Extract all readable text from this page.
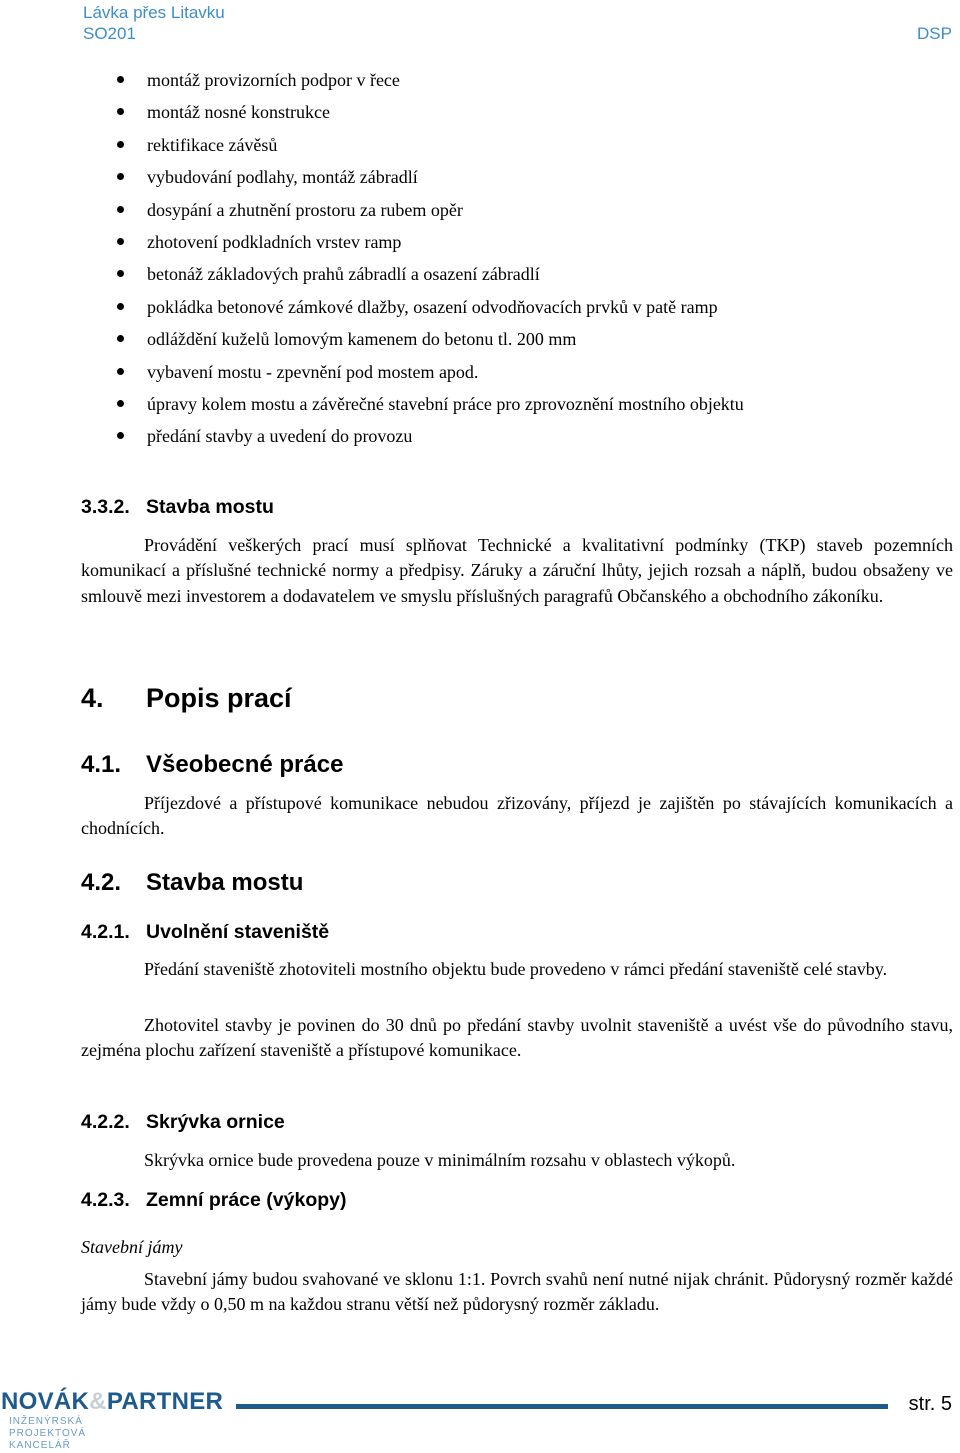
Lávka přes Litavku
SO201	DSP
montáž provizorních podpor v řece
montáž nosné konstrukce
rektifikace závěsů
vybudování podlahy, montáž zábradlí
dosypání a zhutnění prostoru za rubem opěr
zhotovení podkladních vrstev ramp
betonáž základových prahů zábradlí a osazení zábradlí
pokládka betonové zámkové dlažby, osazení odvodňovacích prvků v patě ramp
odláždění kuželů lomovým kamenem do betonu tl. 200 mm
vybavení mostu - zpevnění pod mostem apod.
úpravy kolem mostu a závěrečné stavební práce pro zprovoznění mostního objektu
předání stavby a uvedení do provozu
3.3.2. Stavba mostu
Provádění veškerých prací musí splňovat Technické a kvalitativní podmínky (TKP) staveb pozemních komunikací a příslušné technické normy a předpisy. Záruky a záruční lhůty, jejich rozsah a náplň, budou obsaženy ve smlouvě mezi investorem a dodavatelem ve smyslu příslušných paragrafů Občanského a obchodního zákoníku.
4. Popis prací
4.1. Všeobecné práce
Příjezdové a přístupové komunikace nebudou zřizovány, příjezd je zajištěn po stávajících komunikacích a chodnících.
4.2. Stavba mostu
4.2.1. Uvolnění staveniště
Předání staveniště zhotoviteli mostního objektu bude provedeno v rámci předání staveniště celé stavby.
Zhotovitel stavby je povinen do 30 dnů po předání stavby uvolnit staveniště a uvést vše do původního stavu, zejména plochu zařízení staveniště a přístupové komunikace.
4.2.2. Skrývka ornice
Skrývka ornice bude provedena pouze v minimálním rozsahu v oblastech výkopů.
4.2.3. Zemní práce (výkopy)
Stavební jámy
Stavební jámy budou svahované ve sklonu 1:1. Povrch svahů není nutné nijak chránit. Půdorysný rozměr každé jámy bude vždy o 0,50 m na každou stranu větší než půdorysný rozměr základu.
NOVÁK&PARTNER
INŽENÝRSKÁ
PROJEKTOVÁ
KANCELÁŘ
str. 5
